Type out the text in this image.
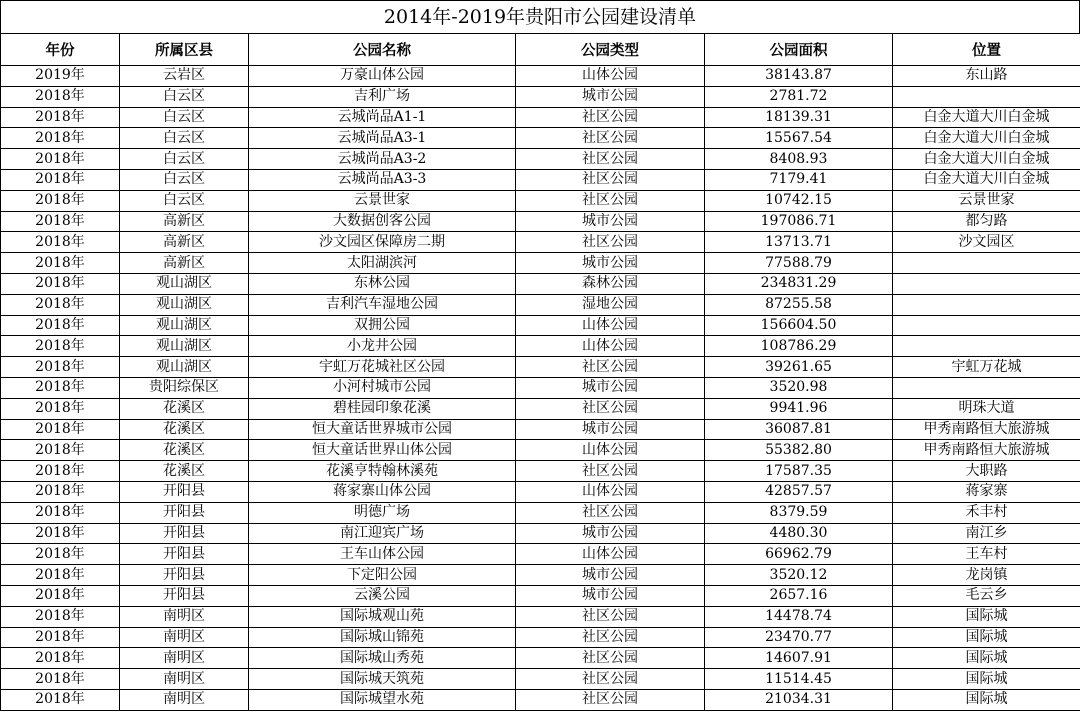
2014年-2019年贵阳市公园建设清单
年份	所属区县	公园名称	公园类型	公园面积	位置
2019年	云岩区	万豪山体公园	山体公园	38143.87	东山路
2018年	白云区	吉利广场	城市公园	2781.72	
2018年	白云区	云城尚品A1-1	社区公园	18139.31	白金大道大川白金城
2018年	白云区	云城尚品A3-1	社区公园	15567.54	白金大道大川白金城
2018年	白云区	云城尚品A3-2	社区公园	8408.93	白金大道大川白金城
2018年	白云区	云城尚品A3-3	社区公园	7179.41	白金大道大川白金城
2018年	白云区	云景世家	社区公园	10742.15	云景世家
2018年	高新区	大数据创客公园	城市公园	197086.71	都匀路
2018年	高新区	沙文园区保障房二期	社区公园	13713.71	沙文园区
2018年	高新区	太阳湖滨河	城市公园	77588.79	
2018年	观山湖区	东林公园	森林公园	234831.29	
2018年	观山湖区	吉利汽车湿地公园	湿地公园	87255.58	
2018年	观山湖区	双拥公园	山体公园	156604.50	
2018年	观山湖区	小龙井公园	山体公园	108786.29	
2018年	观山湖区	宇虹万花城社区公园	社区公园	39261.65	宇虹万花城
2018年	贵阳综保区	小河村城市公园	城市公园	3520.98	
2018年	花溪区	碧桂园印象花溪	社区公园	9941.96	明珠大道
2018年	花溪区	恒大童话世界城市公园	城市公园	36087.81	甲秀南路恒大旅游城
2018年	花溪区	恒大童话世界山体公园	山体公园	55382.80	甲秀南路恒大旅游城
2018年	花溪区	花溪亨特翰林溪苑	社区公园	17587.35	大职路
2018年	开阳县	蒋家寨山体公园	山体公园	42857.57	蒋家寨
2018年	开阳县	明德广场	社区公园	8379.59	禾丰村
2018年	开阳县	南江迎宾广场	城市公园	4480.30	南江乡
2018年	开阳县	王车山体公园	山体公园	66962.79	王车村
2018年	开阳县	下定阳公园	城市公园	3520.12	龙岗镇
2018年	开阳县	云溪公园	城市公园	2657.16	毛云乡
2018年	南明区	国际城观山苑	社区公园	14478.74	国际城
2018年	南明区	国际城山锦苑	社区公园	23470.77	国际城
2018年	南明区	国际城山秀苑	社区公园	14607.91	国际城
2018年	南明区	国际城天筑苑	社区公园	11514.45	国际城
2018年	南明区	国际城望水苑	社区公园	21034.31	国际城
